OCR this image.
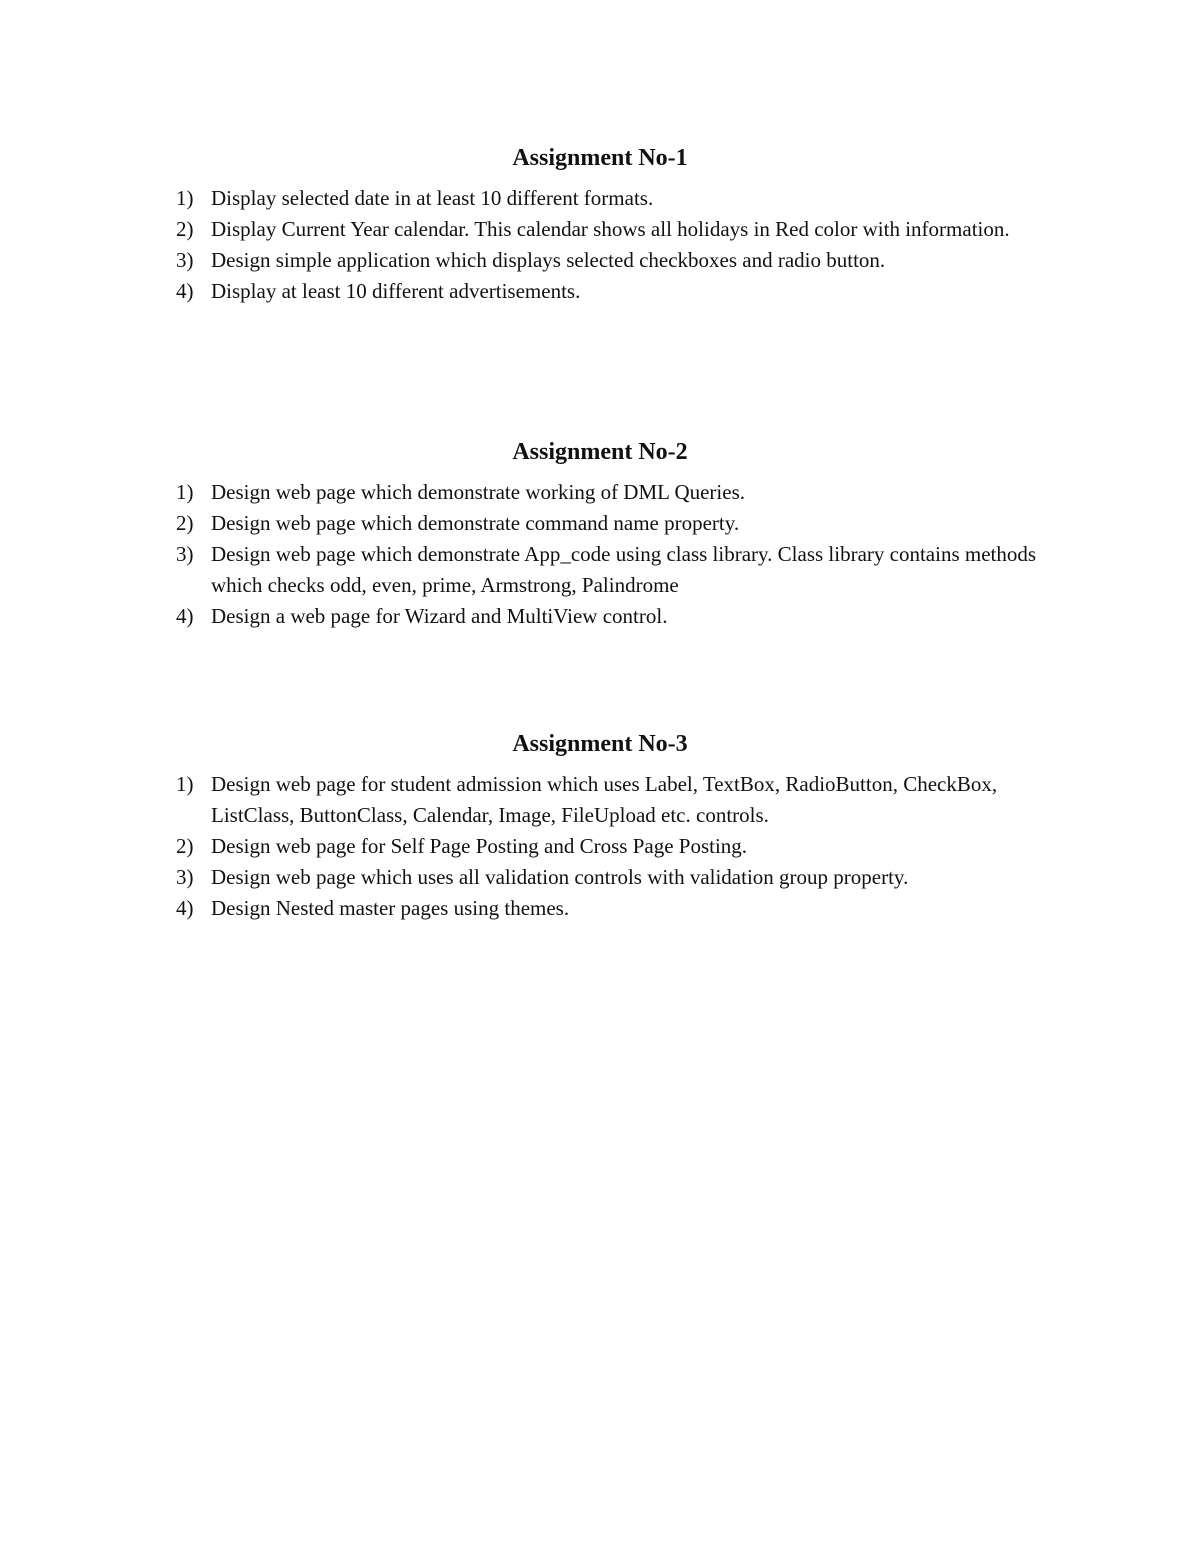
Assignment No-1
1) Display selected date in at least 10 different formats.
2) Display Current Year calendar. This calendar shows all holidays in Red color with information.
3) Design simple application which displays selected checkboxes and radio button.
4) Display at least 10 different advertisements.
Assignment No-2
1) Design web page which demonstrate working of DML Queries.
2) Design web page which demonstrate command name property.
3) Design web page which demonstrate App_code using class library. Class library contains methods which checks odd, even, prime, Armstrong, Palindrome
4) Design a web page for Wizard and MultiView control.
Assignment No-3
1) Design web page for student admission which uses Label, TextBox, RadioButton, CheckBox, ListClass, ButtonClass, Calendar, Image, FileUpload etc. controls.
2) Design web page for Self Page Posting and Cross Page Posting.
3) Design web page which uses all validation controls with validation group property.
4) Design Nested master pages using themes.
